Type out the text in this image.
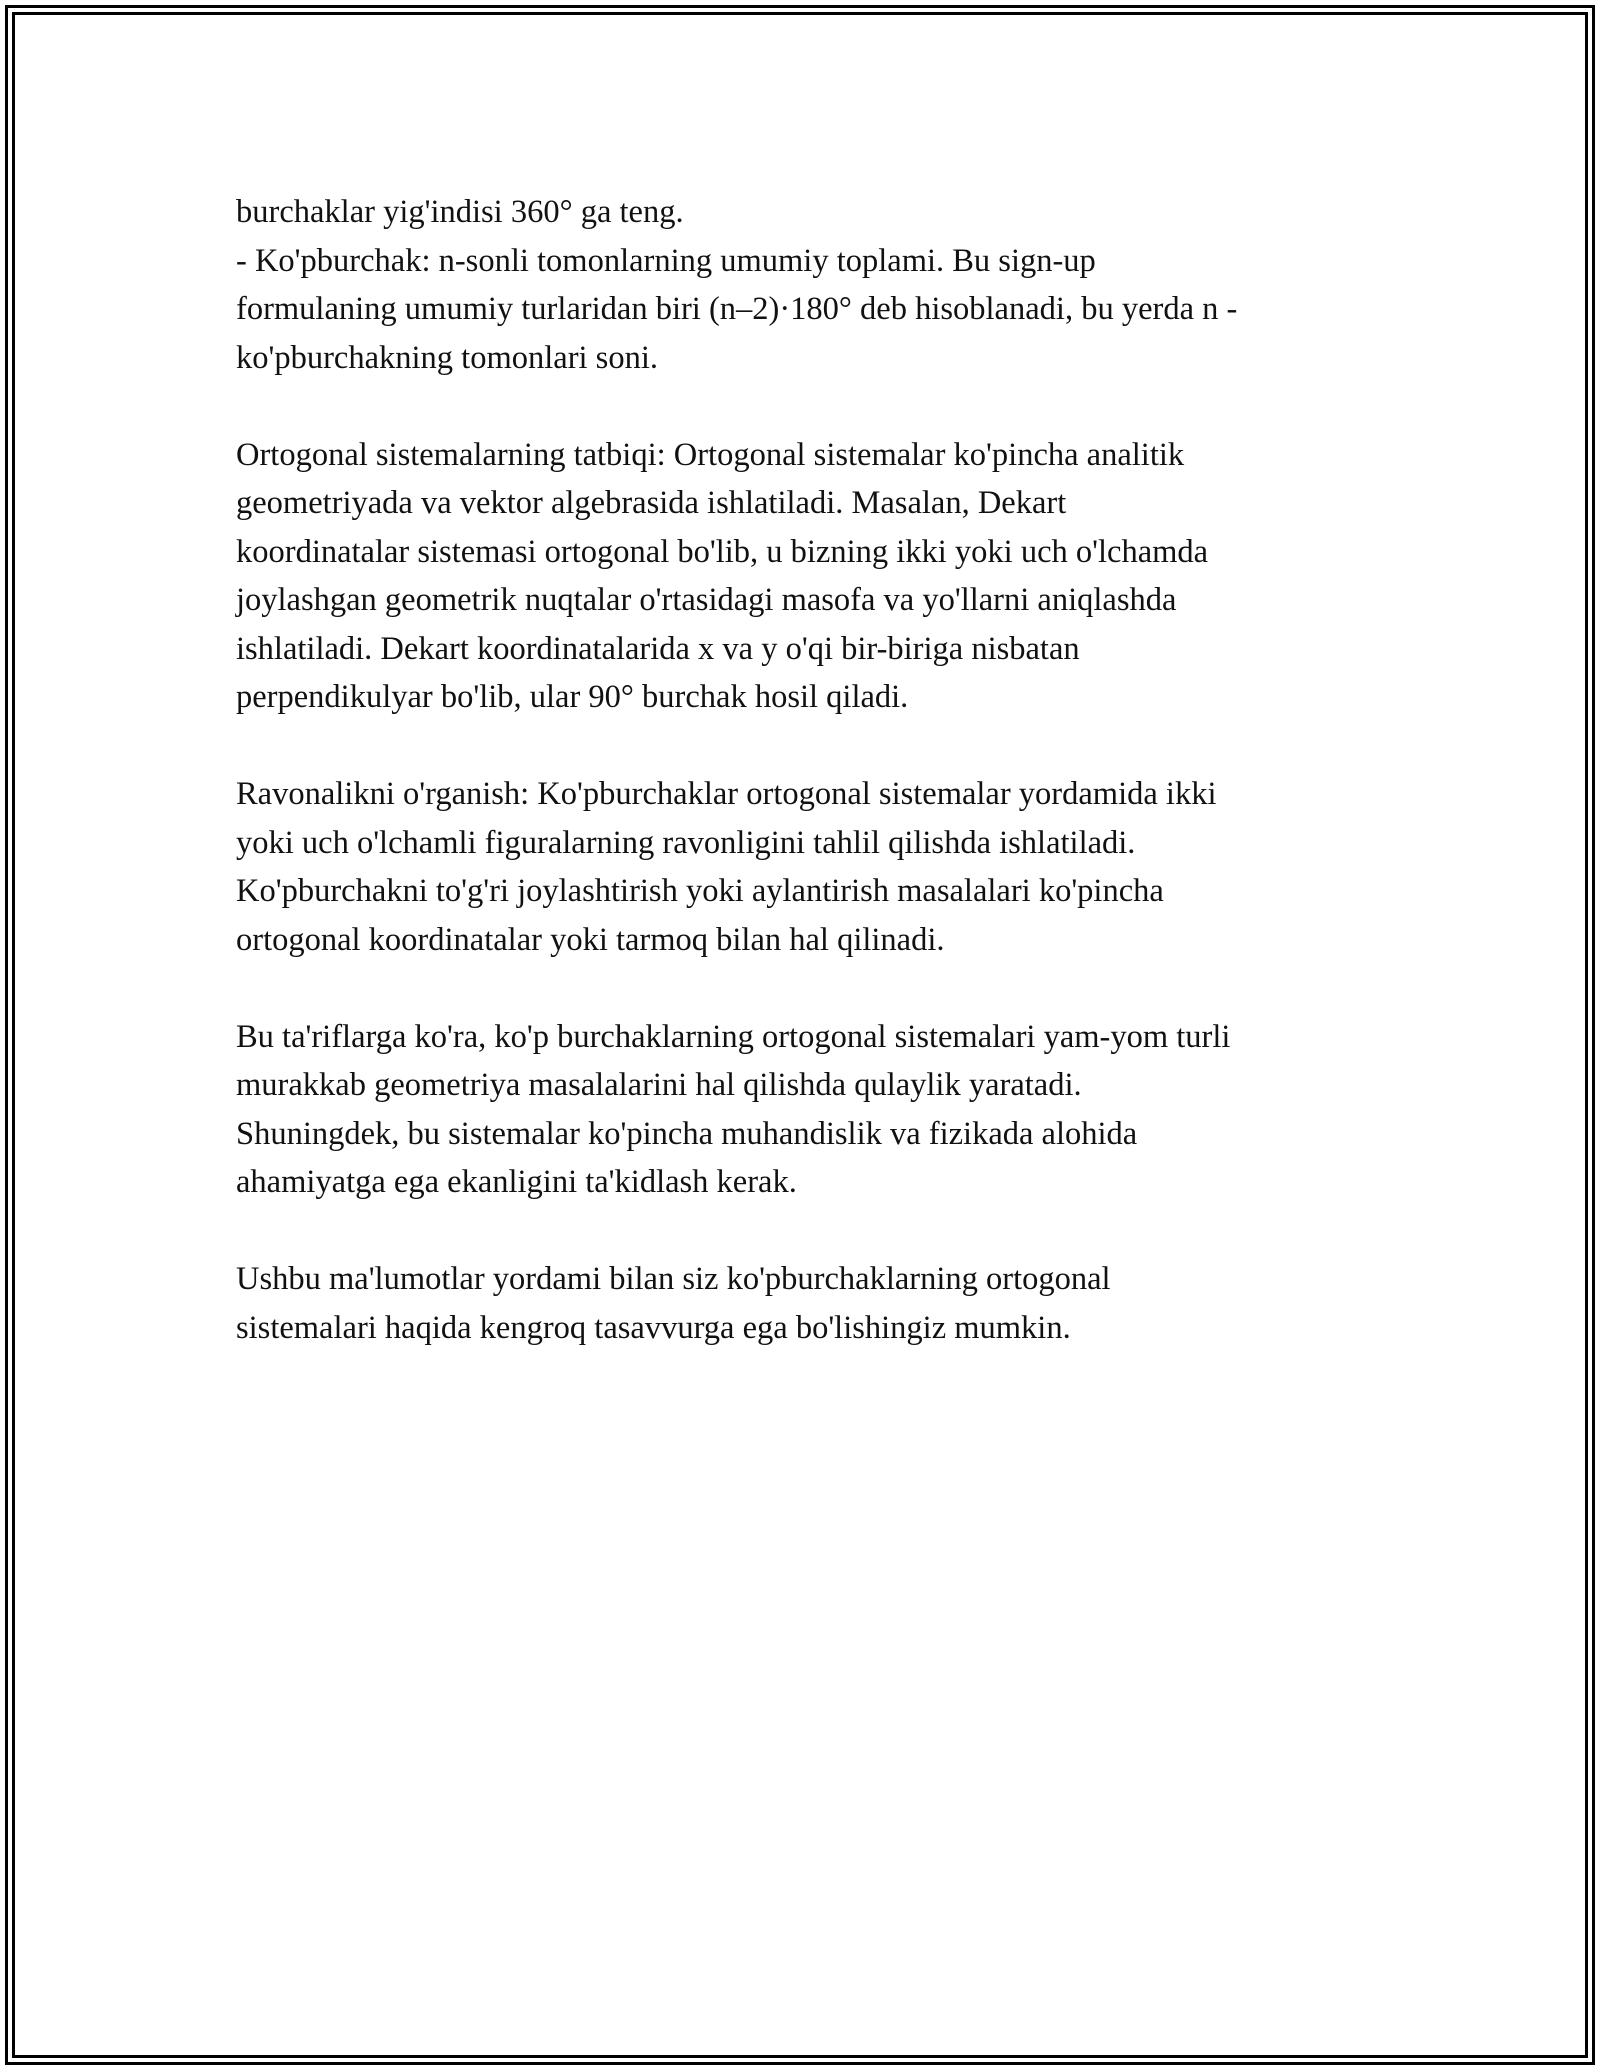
burchaklar yig'indisi 360° ga teng.
- Ko'pburchak: n-sonli tomonlarning umumiy toplami. Bu sign-up
formulaning umumiy turlaridan biri (n–2)·180° deb hisoblanadi, bu yerda n -
ko'pburchakning tomonlari soni.

Ortogonal sistemalarning tatbiqi: Ortogonal sistemalar ko'pincha analitik
geometriyada va vektor algebrasida ishlatiladi. Masalan, Dekart
koordinatalar sistemasi ortogonal bo'lib, u bizning ikki yoki uch o'lchamda
joylashgan geometrik nuqtalar o'rtasidagi masofa va yo'llarni aniqlashda
ishlatiladi. Dekart koordinatalarida x va y o'qi bir-biriga nisbatan
perpendikulyar bo'lib, ular 90° burchak hosil qiladi.

Ravonalikni o'rganish: Ko'pburchaklar ortogonal sistemalar yordamida ikki
yoki uch o'lchamli figuralarning ravonligini tahlil qilishda ishlatiladi.
Ko'pburchakni to'g'ri joylashtirish yoki aylantirish masalalari ko'pincha
ortogonal koordinatalar yoki tarmoq bilan hal qilinadi.

Bu ta'riflarga ko'ra, ko'p burchaklarning ortogonal sistemalari yam-yom turli
murakkab geometriya masalalarini hal qilishda qulaylik yaratadi.
Shuningdek, bu sistemalar ko'pincha muhandislik va fizikada alohida
ahamiyatga ega ekanligini ta'kidlash kerak.

Ushbu ma'lumotlar yordami bilan siz ko'pburchaklarning ortogonal
sistemalari haqida kengroq tasavvurga ega bo'lishingiz mumkin.
